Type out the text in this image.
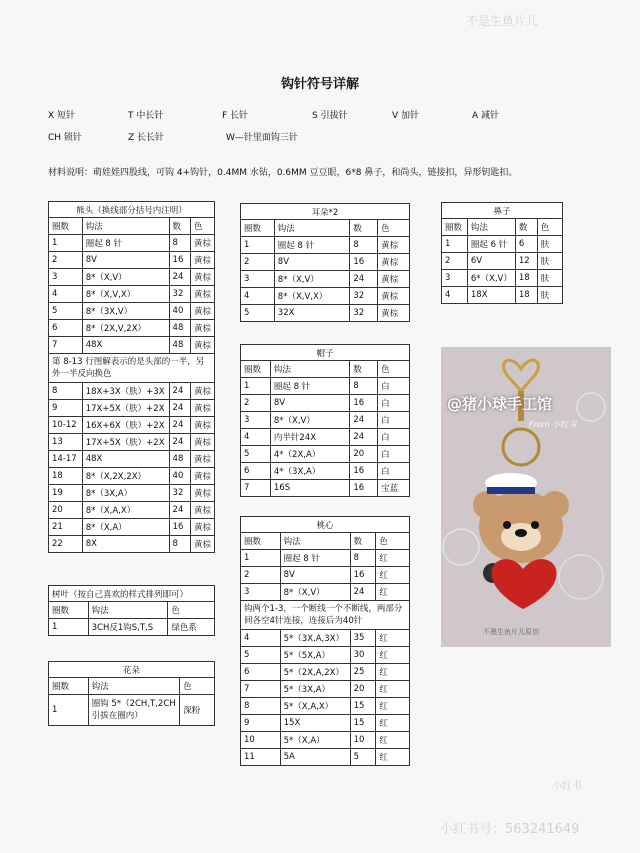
不是生鱼片儿
钩针符号详解
X 短针	T 中长针	F 长针	S 引拔针	V 加针	A 减针
CH 锁针	Z 长长针	W—针里面钩三针
材料说明：萌娃娃四股线，可钩 4+钩针，0.4MM 水钻，0.6MM 豆豆眼，6*8 鼻子，和尚头，链接扣，异形钥匙扣。
熊头（换线部分括号内注明）			
圈数	钩法	数	色
1	圈起 8 针	8	黄棕
2	8V	16	黄棕
3	8*（X,V）	24	黄棕
4	8*（X,V,X）	32	黄棕
5	8*（3X,V）	40	黄棕
6	8*（2X,V,2X）	48	黄棕
7	48X	48	黄棕
第 8-13 行图解表示的是头部的一半，另外一半反向换色			
8	18X+3X（肤）+3X	24	黄棕
9	17X+5X（肤）+2X	24	黄棕
10-12	16X+6X（肤）+2X	24	黄棕
13	17X+5X（肤）+2X	24	黄棕
14-17	48X	48	黄棕
18	8*（X,2X,2X）	40	黄棕
19	8*（3X,A）	32	黄棕
20	8*（X,A,X）	24	黄棕
21	8*（X,A）	16	黄棕
22	8X	8	黄棕
树叶（按自己喜欢的样式排列即可）		
圈数	钩法	色
1	3CH反1钩S,T,S	绿色系
花朵		
圈数	钩法	色
1	圈钩 5*（2CH,T,2CH 引拔在圈内）	深粉
耳朵*2			
圈数	钩法	数	色
1	圈起 8 针	8	黄棕
2	8V	16	黄棕
3	8*（X,V）	24	黄棕
4	8*（X,V,X）	32	黄棕
5	32X	32	黄棕
帽子			
圈数	钩法	数	色
1	圈起 8 针	8	白
2	8V	16	白
3	8*（X,V）	24	白
4	内半针24X	24	白
5	4*（2X,A）	20	白
6	4*（3X,A）	16	白
7	16S	16	宝蓝
桃心			
圈数	钩法	数	色
1	圈起 8 针	8	红
2	8V	16	红
3	8*（X,V）	24	红
钩两个1-3，一个断线一个不断线，两部分间各空4针连接，连接后为40针			
4	5*（3X,A,3X）	35	红
5	5*（5X,A）	30	红
6	5*（2X,A,2X）	25	红
7	5*（3X,A）	20	红
8	5*（X,A,X）	15	红
9	15X	15	红
10	5*（X,A）	10	红
11	5A	5	红
鼻子			
圈数	钩法	数	色
1	圈起 6 针	6	肤
2	6V	12	肤
3	6*（X,V）	18	肤
4	18X	18	肤
@猪小球手工馆
From 小红书
不墨生鱼片儿原创
小红书
小红书号：563241649
